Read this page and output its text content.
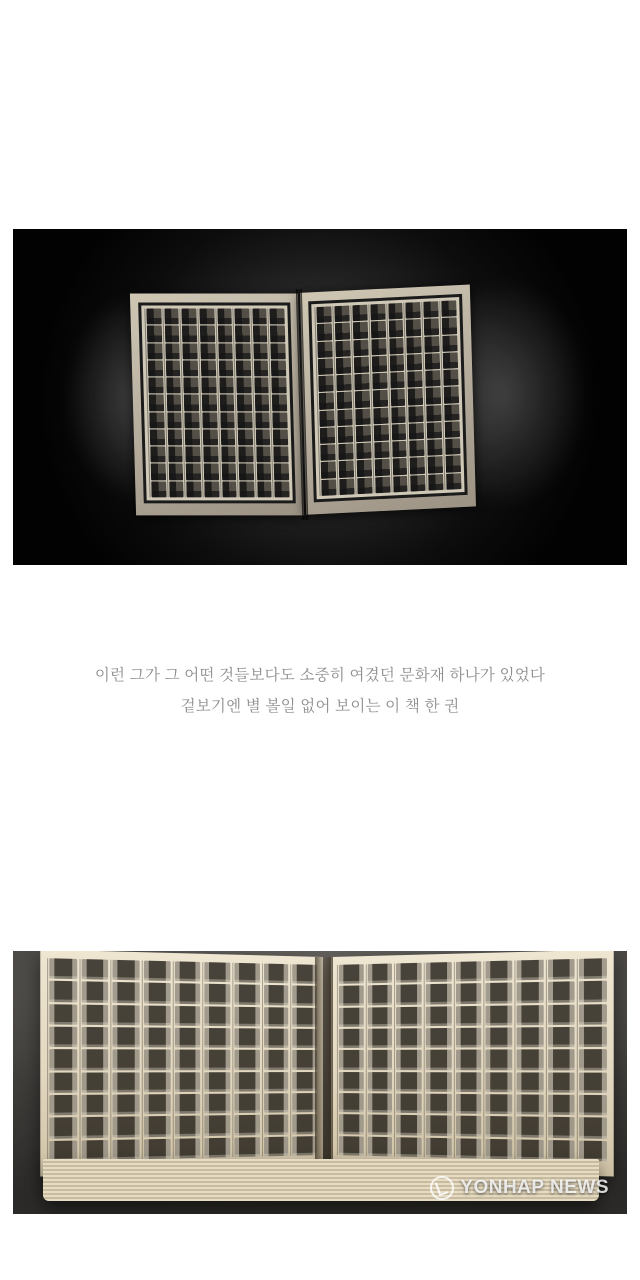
이런 그가 그 어떤 것들보다도 소중히 여겼던 문화재 하나가 있었다
겉보기엔 별 볼일 없어 보이는 이 책 한 권
YONHAP NEWS
